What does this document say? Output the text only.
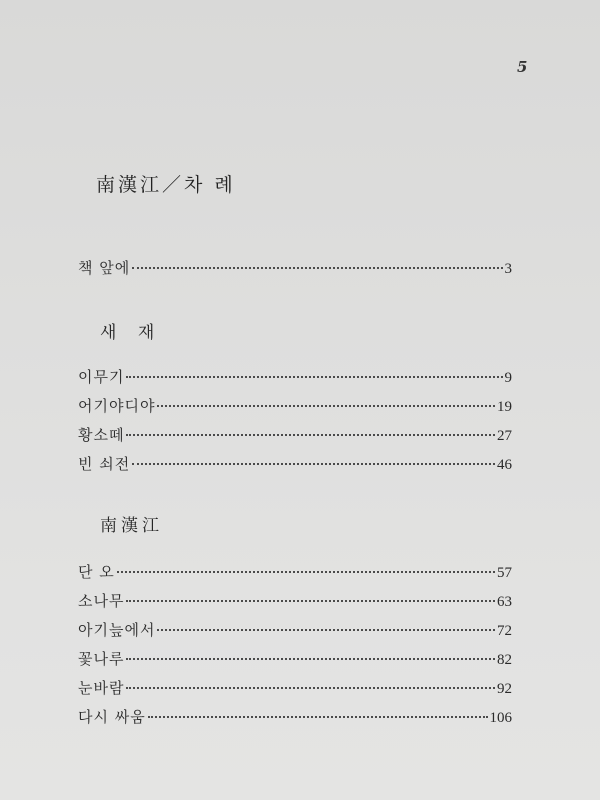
5
南漢江／차 례
책 앞에	3
새 재
이무기	9
어기야디야	19
황소떼	27
빈 쇠전	46
南漢江
단 오	57
소나무	63
아기늪에서	72
꽃나루	82
눈바람	92
다시 싸움	106
